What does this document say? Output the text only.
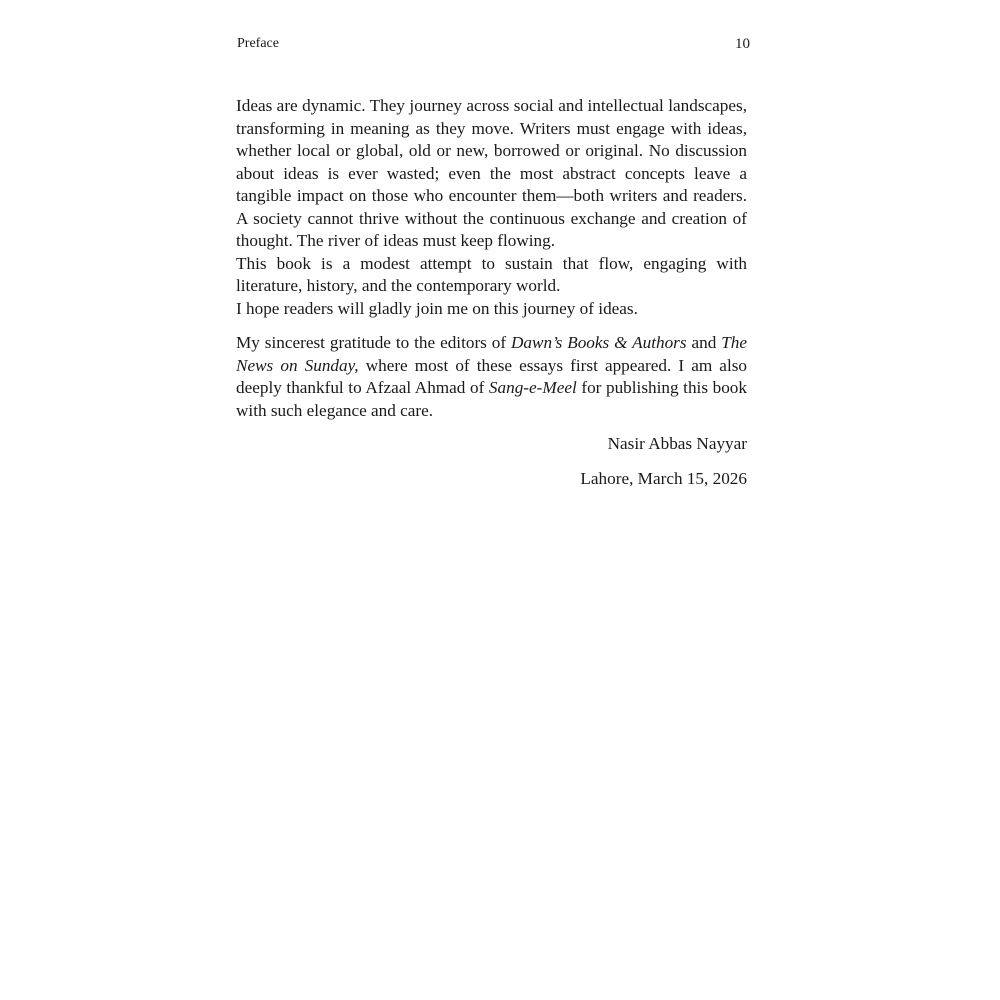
Preface	10

Ideas are dynamic. They journey across social and intellectual landscapes, transforming in meaning as they move. Writers must engage with ideas, whether local or global, old or new, borrowed or original. No discussion about ideas is ever wasted; even the most abstract concepts leave a tangible impact on those who encounter them—both writers and readers. A society cannot thrive without the continuous exchange and creation of thought. The river of ideas must keep flowing.

This book is a modest attempt to sustain that flow, engaging with literature, history, and the contemporary world.

I hope readers will gladly join me on this journey of ideas.

My sincerest gratitude to the editors of Dawn’s Books & Authors and The News on Sunday, where most of these essays first appeared. I am also deeply thankful to Afzaal Ahmad of Sang-e-Meel for publishing this book with such elegance and care.

Nasir Abbas Nayyar
Lahore, March 15, 2026
